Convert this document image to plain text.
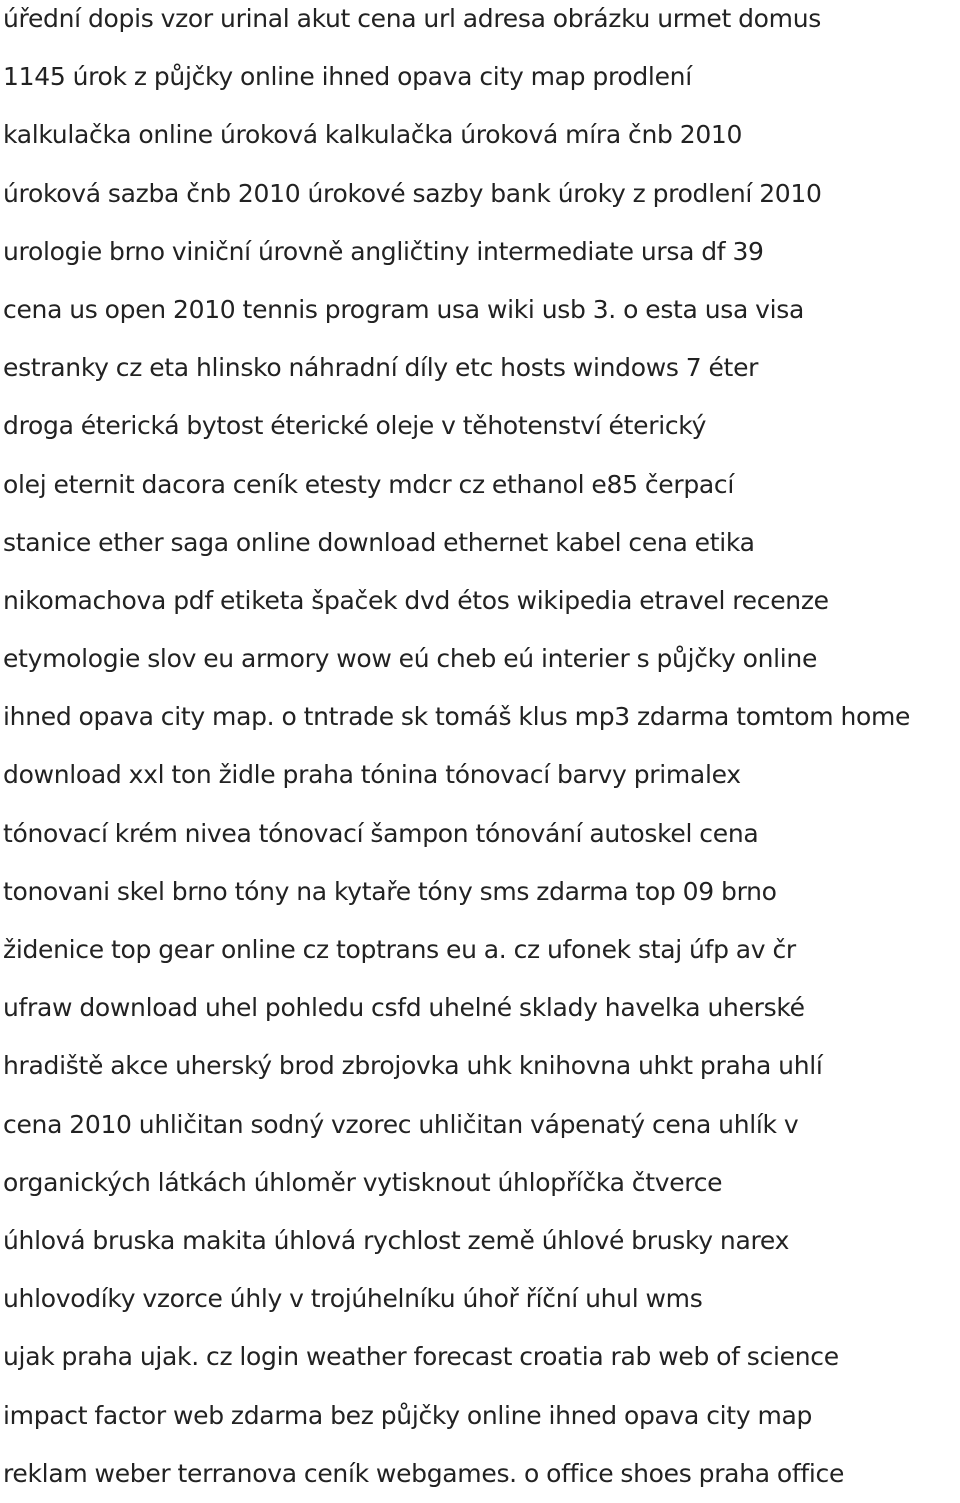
úřední dopis vzor urinal akut cena url adresa obrázku urmet domus
1145 úrok z půjčky online ihned opava city map prodlení
kalkulačka online úroková kalkulačka úroková míra čnb 2010
úroková sazba čnb 2010 úrokové sazby bank úroky z prodlení 2010
urologie brno viniční úrovně angličtiny intermediate ursa df 39
cena us open 2010 tennis program usa wiki usb 3. o esta usa visa
estranky cz eta hlinsko náhradní díly etc hosts windows 7 éter
droga éterická bytost éterické oleje v těhotenství éterický
olej eternit dacora ceník etesty mdcr cz ethanol e85 čerpací
stanice ether saga online download ethernet kabel cena etika
nikomachova pdf etiketa špaček dvd étos wikipedia etravel recenze
etymologie slov eu armory wow eú cheb eú interier s půjčky online
ihned opava city map. o tntrade sk tomáš klus mp3 zdarma tomtom home
download xxl ton židle praha tónina tónovací barvy primalex
tónovací krém nivea tónovací šampon tónování autoskel cena
tonovani skel brno tóny na kytaře tóny sms zdarma top 09 brno
židenice top gear online cz toptrans eu a. cz ufonek staj úfp av čr
ufraw download uhel pohledu csfd uhelné sklady havelka uherské
hradiště akce uherský brod zbrojovka uhk knihovna uhkt praha uhlí
cena 2010 uhličitan sodný vzorec uhličitan vápenatý cena uhlík v
organických látkách úhloměr vytisknout úhlopříčka čtverce
úhlová bruska makita úhlová rychlost země úhlové brusky narex
uhlovodíky vzorce úhly v trojúhelníku úhoř říční uhul wms
ujak praha ujak. cz login weather forecast croatia rab web of science
impact factor web zdarma bez půjčky online ihned opava city map
reklam weber terranova ceník webgames. o office shoes praha office
